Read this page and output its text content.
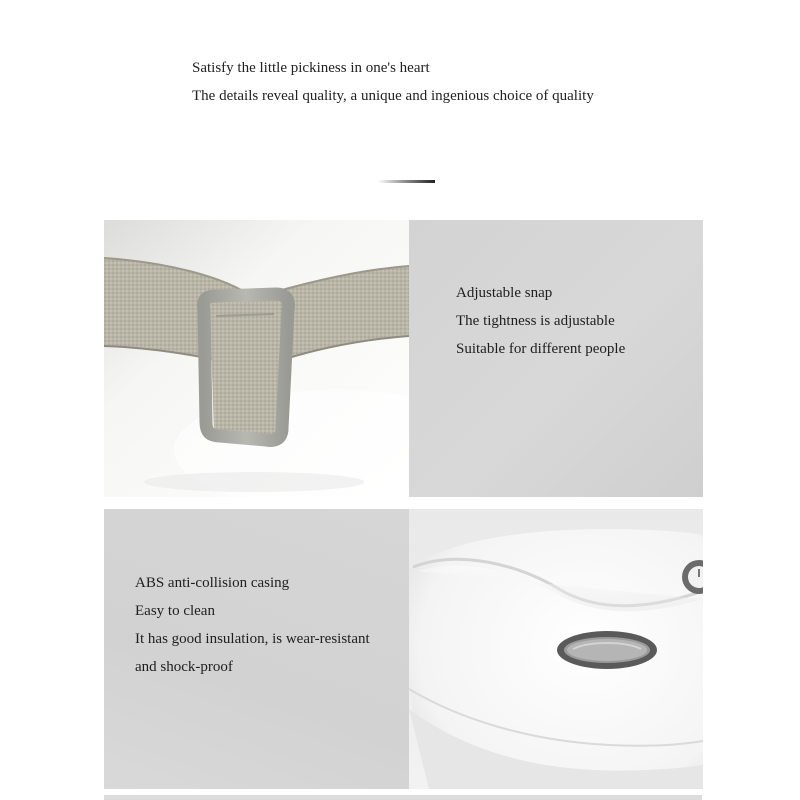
Satisfy the little pickiness in one's heart
The details reveal quality, a unique and ingenious choice of quality
Adjustable snap
The tightness is adjustable
Suitable for different people
ABS anti-collision casing
Easy to clean
It has good insulation, is wear-resistant
and shock-proof
